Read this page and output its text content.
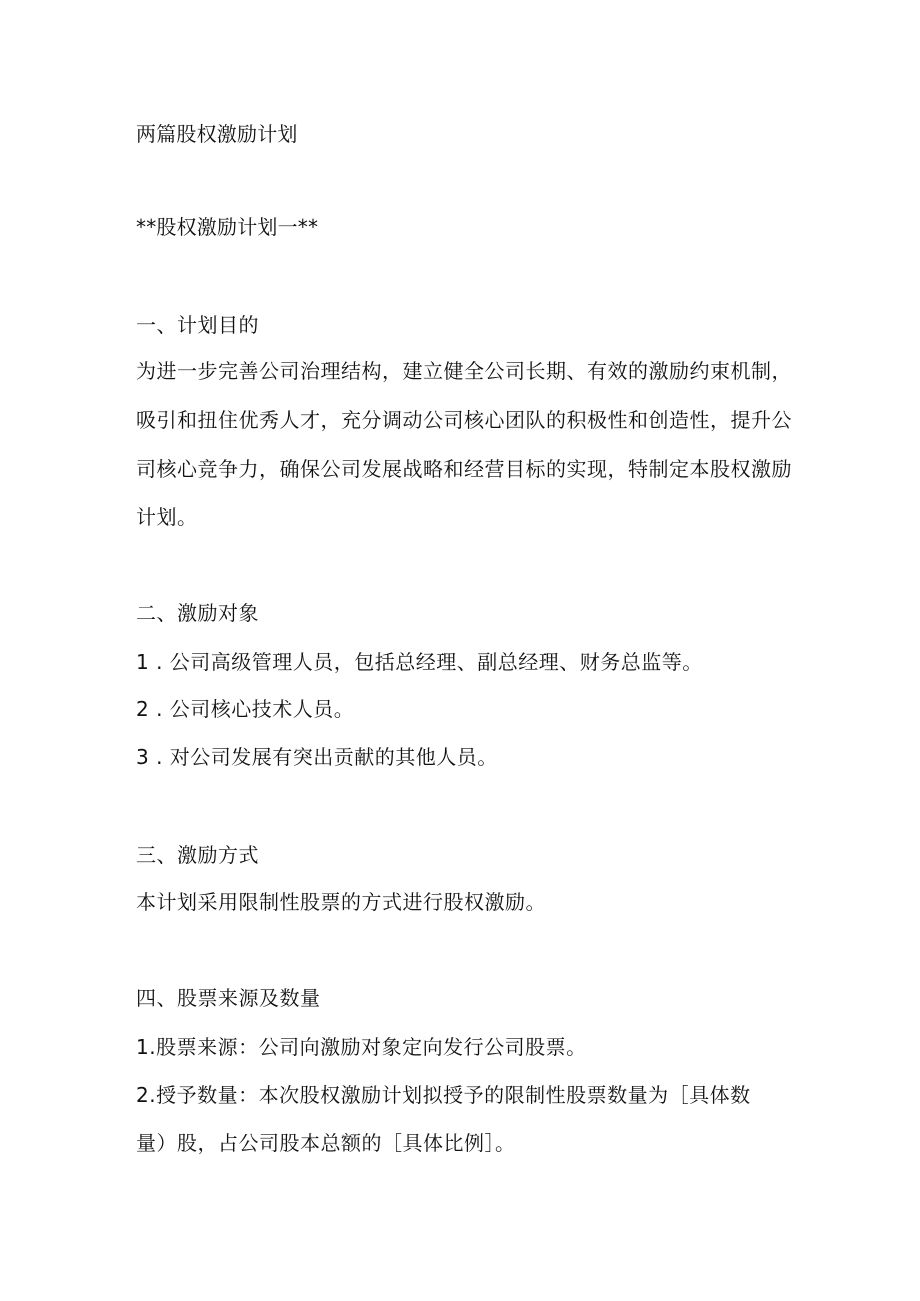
两篇股权激励计划
**股权激励计划一**
一、计划目的
为进一步完善公司治理结构，建立健全公司长期、有效的激励约束机制，
吸引和扭住优秀人才，充分调动公司核心团队的积极性和创造性，提升公
司核心竞争力，确保公司发展战略和经营目标的实现，特制定本股权激励
计划。
二、激励对象
1 . 公司高级管理人员，包括总经理、副总经理、财务总监等。
2 . 公司核心技术人员。
3 . 对公司发展有突出贡献的其他人员。
三、激励方式
本计划采用限制性股票的方式进行股权激励。
四、股票来源及数量
1.股票来源：公司向激励对象定向发行公司股票。
2.授予数量：本次股权激励计划拟授予的限制性股票数量为［具体数
量）股，占公司股本总额的［具体比例］。
